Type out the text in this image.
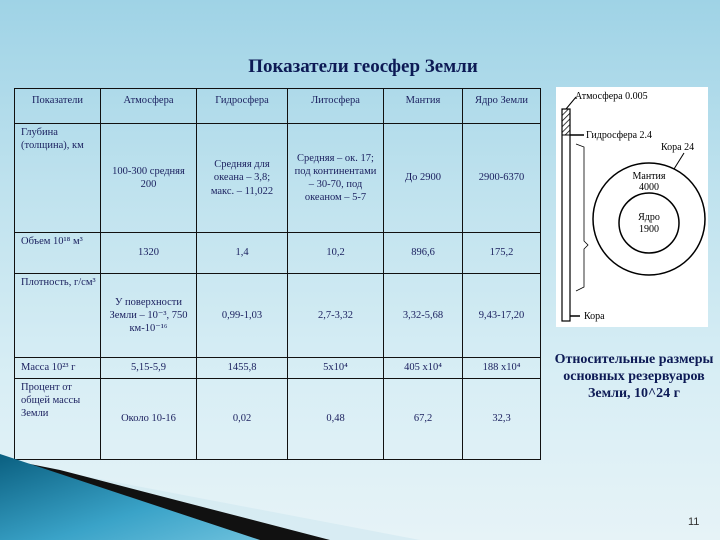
Показатели геосфер Земли
Показатели	Атмосфера	Гидросфера	Литосфера	Мантия	Ядро Земли
Глубина (толщина), км	100-300 средняя 200	Средняя для океана – 3,8; макс. – 11,022	Средняя – ок. 17; под континентами – 30-70, под океаном – 5-7	До 2900	2900-6370
Объем 10¹⁸ м³	1320	1,4	10,2	896,6	175,2
Плотность, г/см³	У поверхности Земли – 10⁻³, 750 км-10⁻¹⁶	0,99-1,03	2,7-3,32	3,32-5,68	9,43-17,20
Масса 10²³ г	5,15-5,9	1455,8	5x10⁴	405 x10⁴	188 x10⁴
Процент от общей массы Земли	Около 10-16	0,02	0,48	67,2	32,3
Атмосфера 0.005
Гидросфера 2.4
Кора 24
Мантия
4000
Ядро
1900
Кора
Относительные размеры основных резервуаров Земли, 10^24 г
11
